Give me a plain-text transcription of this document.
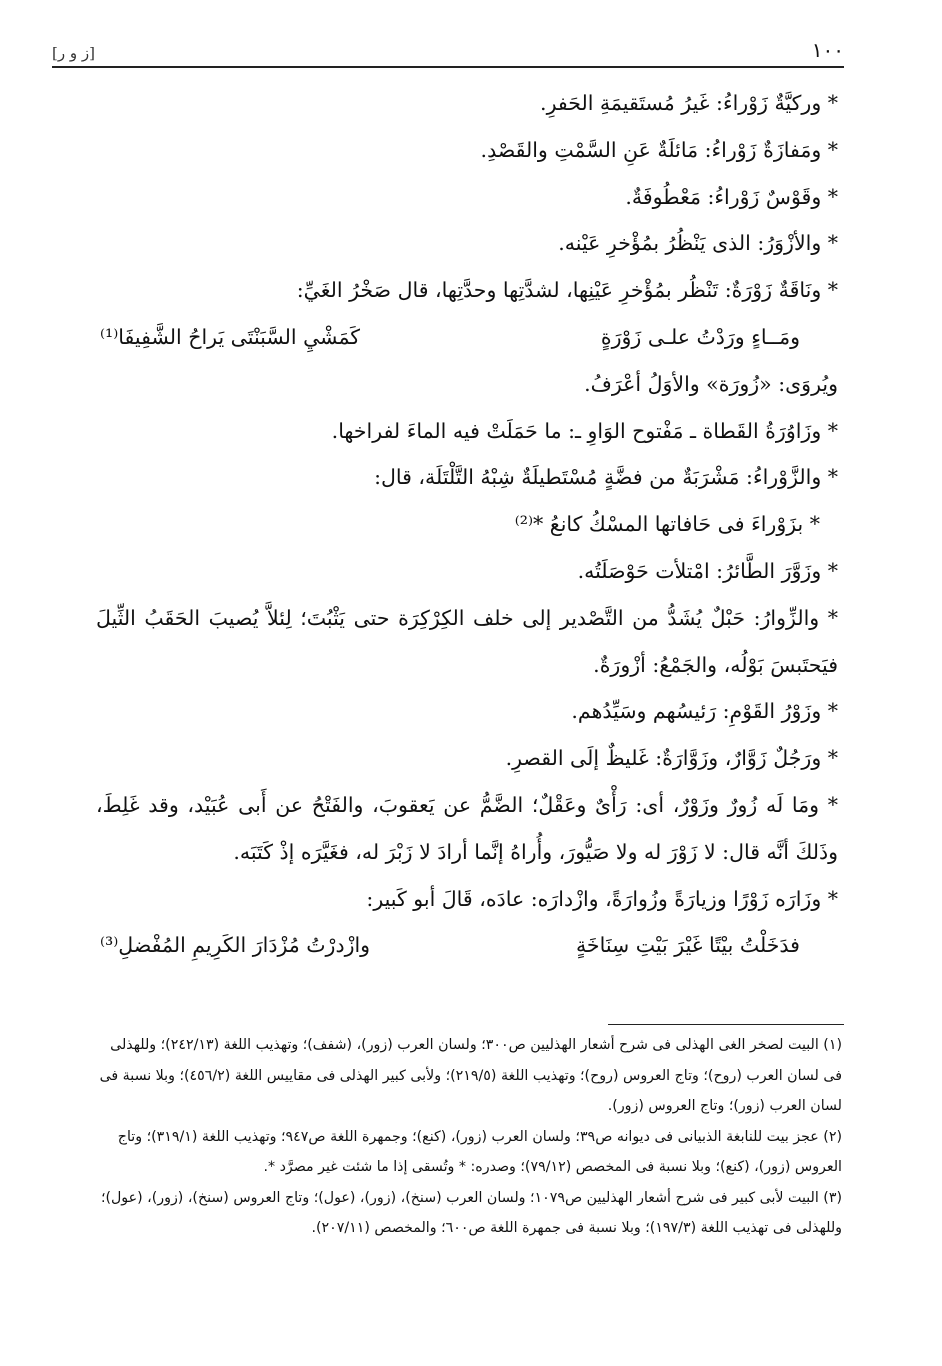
١٠٠
[ز و ر]

* وركيَّةٌ زَوْراءُ: غَيرُ مُستَقيمَةِ الحَفرِ.

* ومَفازَةٌ زَوْراءُ: مَائلَةٌ عَنِ السَّمْتِ والقَصْدِ.

* وقَوْسٌ زَوْراءُ: مَعْطُوفَةٌ.

* والأزْوَرُ: الذى يَنْظُرُ بمُؤْخرِ عَيْنه.

* ونَاقَةٌ زَوْرَةٌ: تَنْظُر بمُؤْخرِ عَيْنِها، لشدَّتِها وحدَّتِها، قال صَخْرُ الغَيِّ:

ومَــاءٍ ورَدْتُ علـى زَوْرَةٍ
كَمَشْيِ السَّبَنْتَى يَراحُ الشَّفِيفَا⁽¹⁾

ويُروَى: «زُورَة» والأوَلُ أعْرَفُ.

* وزَاوُرَةُ القَطاة ـ مَفْتوح الوَاوِ ـ: ما حَمَلَتْ فيه الماءَ لفراخها.

* والزَّوْراءُ: مَشْرَبَةٌ من فضَّةٍ مُسْتَطيلَةٌ شِبْهُ التَّلْتَلَة، قال:

* بزَوْراءَ فى حَافاتها المسْكُ كانعُ *⁽²⁾

* وزَوَّرَ الطَّائرُ: امْتلأت حَوْصَلَتُه.

* والزِّوارُ: حَبْلٌ يُشَدُّ من التَّصْدير إلى خلف الكِرْكِرَة حتى يَثْبُتَ؛ لِئلاَّ يُصيبَ الحَقَبُ الثِّيلَ فيَحتَبسَ بَوْلُه، والجَمْعُ: أزْورَةٌ.

* وزَوْرُ القَوْمِ: رَئيسُهم وسَيِّدُهم.

* ورَجُلٌ زَوَّارٌ، وزَوَّارَةٌ: غَليظٌ إلَى القصرِ.

* ومَا لَه زُورٌ وزَوْرٌ، أى: رَأْىٌ وعَقْلٌ؛ الضَّمُّ عن يَعقوبَ، والفَتْحُ عن أَبى عُبَيْد، وقد غَلِطَ، وذَلكَ أنَّه قال: لا زَوْرَ له ولا صَيُّورَ، وأُراهُ إنَّما أرادَ لا زَبْرَ له، فغَيَّرَه إذْ كَتَبَه.

* وزَارَه زَوْرًا وزيارَةً وزُوارَةً، وازْدارَه: عادَه، قَالَ أبو كَبير:

فدَخَلْتُ بيْتًا غَيْرَ بَيْتِ سِنَاخَةٍ
وازْدرْتُ مُزْدَارَ الكَرِيمِ المُفْضلِ⁽³⁾

(١) البيت لصخر الغى الهذلى فى شرح أشعار الهذليين ص٣٠٠؛ ولسان العرب (زور)، (شفف)؛ وتهذيب اللغة (٢٤٢/١٣)؛ وللهذلى فى لسان العرب (روح)؛ وتاج العروس (روح)؛ وتهذيب اللغة (٢١٩/٥)؛ ولأبى كبير الهذلى فى مقاييس اللغة (٤٥٦/٢)؛ وبلا نسبة فى لسان العرب (زور)؛ وتاج العروس (زور).

(٢) عجز بيت للنابغة الذبيانى فى ديوانه ص٣٩؛ ولسان العرب (زور)، (كنع)؛ وجمهرة اللغة ص٩٤٧؛ وتهذيب اللغة (٣١٩/١)؛ وتاج العروس (زور)، (كنع)؛ وبلا نسبة فى المخصص (٧٩/١٢)؛ وصدره: * وتُسقى إذا ما شئت غير مصرَّد *.

(٣) البيت لأبى كبير فى شرح أشعار الهذليين ص١٠٧٩؛ ولسان العرب (سنخ)، (زور)، (عول)؛ وتاج العروس (سنخ)، (زور)، (عول)؛ وللهذلى فى تهذيب اللغة (١٩٧/٣)؛ وبلا نسبة فى جمهرة اللغة ص٦٠٠؛ والمخصص (٢٠٧/١١).
